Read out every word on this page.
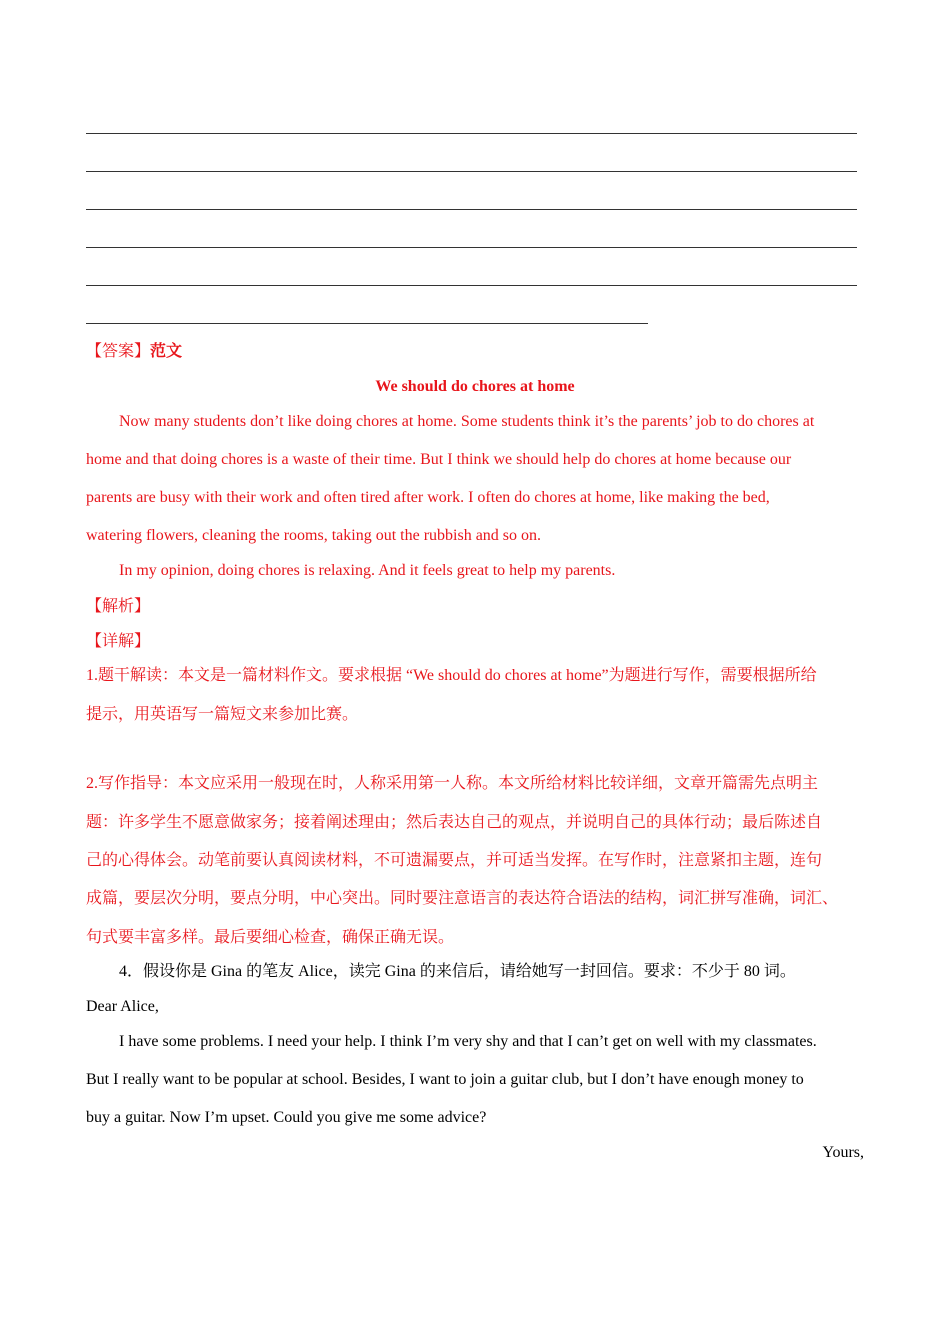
【答案】范文
We should do chores at home
Now many students don’t like doing chores at home. Some students think it’s the parents’ job to do chores at
home and that doing chores is a waste of their time. But I think we should help do chores at home because our
parents are busy with their work and often tired after work. I often do chores at home, like making the bed,
watering flowers, cleaning the rooms, taking out the rubbish and so on.
In my opinion, doing chores is relaxing. And it feels great to help my parents.
【解析】
【详解】
1.题干解读：本文是一篇材料作文。要求根据 “We should do chores at home”为题进行写作，需要根据所给
提示，用英语写一篇短文来参加比赛。
2.写作指导：本文应采用一般现在时，人称采用第一人称。本文所给材料比较详细，文章开篇需先点明主
题：许多学生不愿意做家务；接着阐述理由；然后表达自己的观点，并说明自己的具体行动；最后陈述自
己的心得体会。动笔前要认真阅读材料，不可遗漏要点，并可适当发挥。在写作时，注意紧扣主题，连句
成篇，要层次分明，要点分明，中心突出。同时要注意语言的表达符合语法的结构，词汇拼写准确，词汇、
句式要丰富多样。最后要细心检查，确保正确无误。
4．假设你是 Gina 的笔友 Alice，读完 Gina 的来信后，请给她写一封回信。要求：不少于 80 词。
Dear Alice,
I have some problems. I need your help. I think I’m very shy and that I can’t get on well with my classmates.
But I really want to be popular at school. Besides, I want to join a guitar club, but I don’t have enough money to
buy a guitar. Now I’m upset. Could you give me some advice?
Yours,
